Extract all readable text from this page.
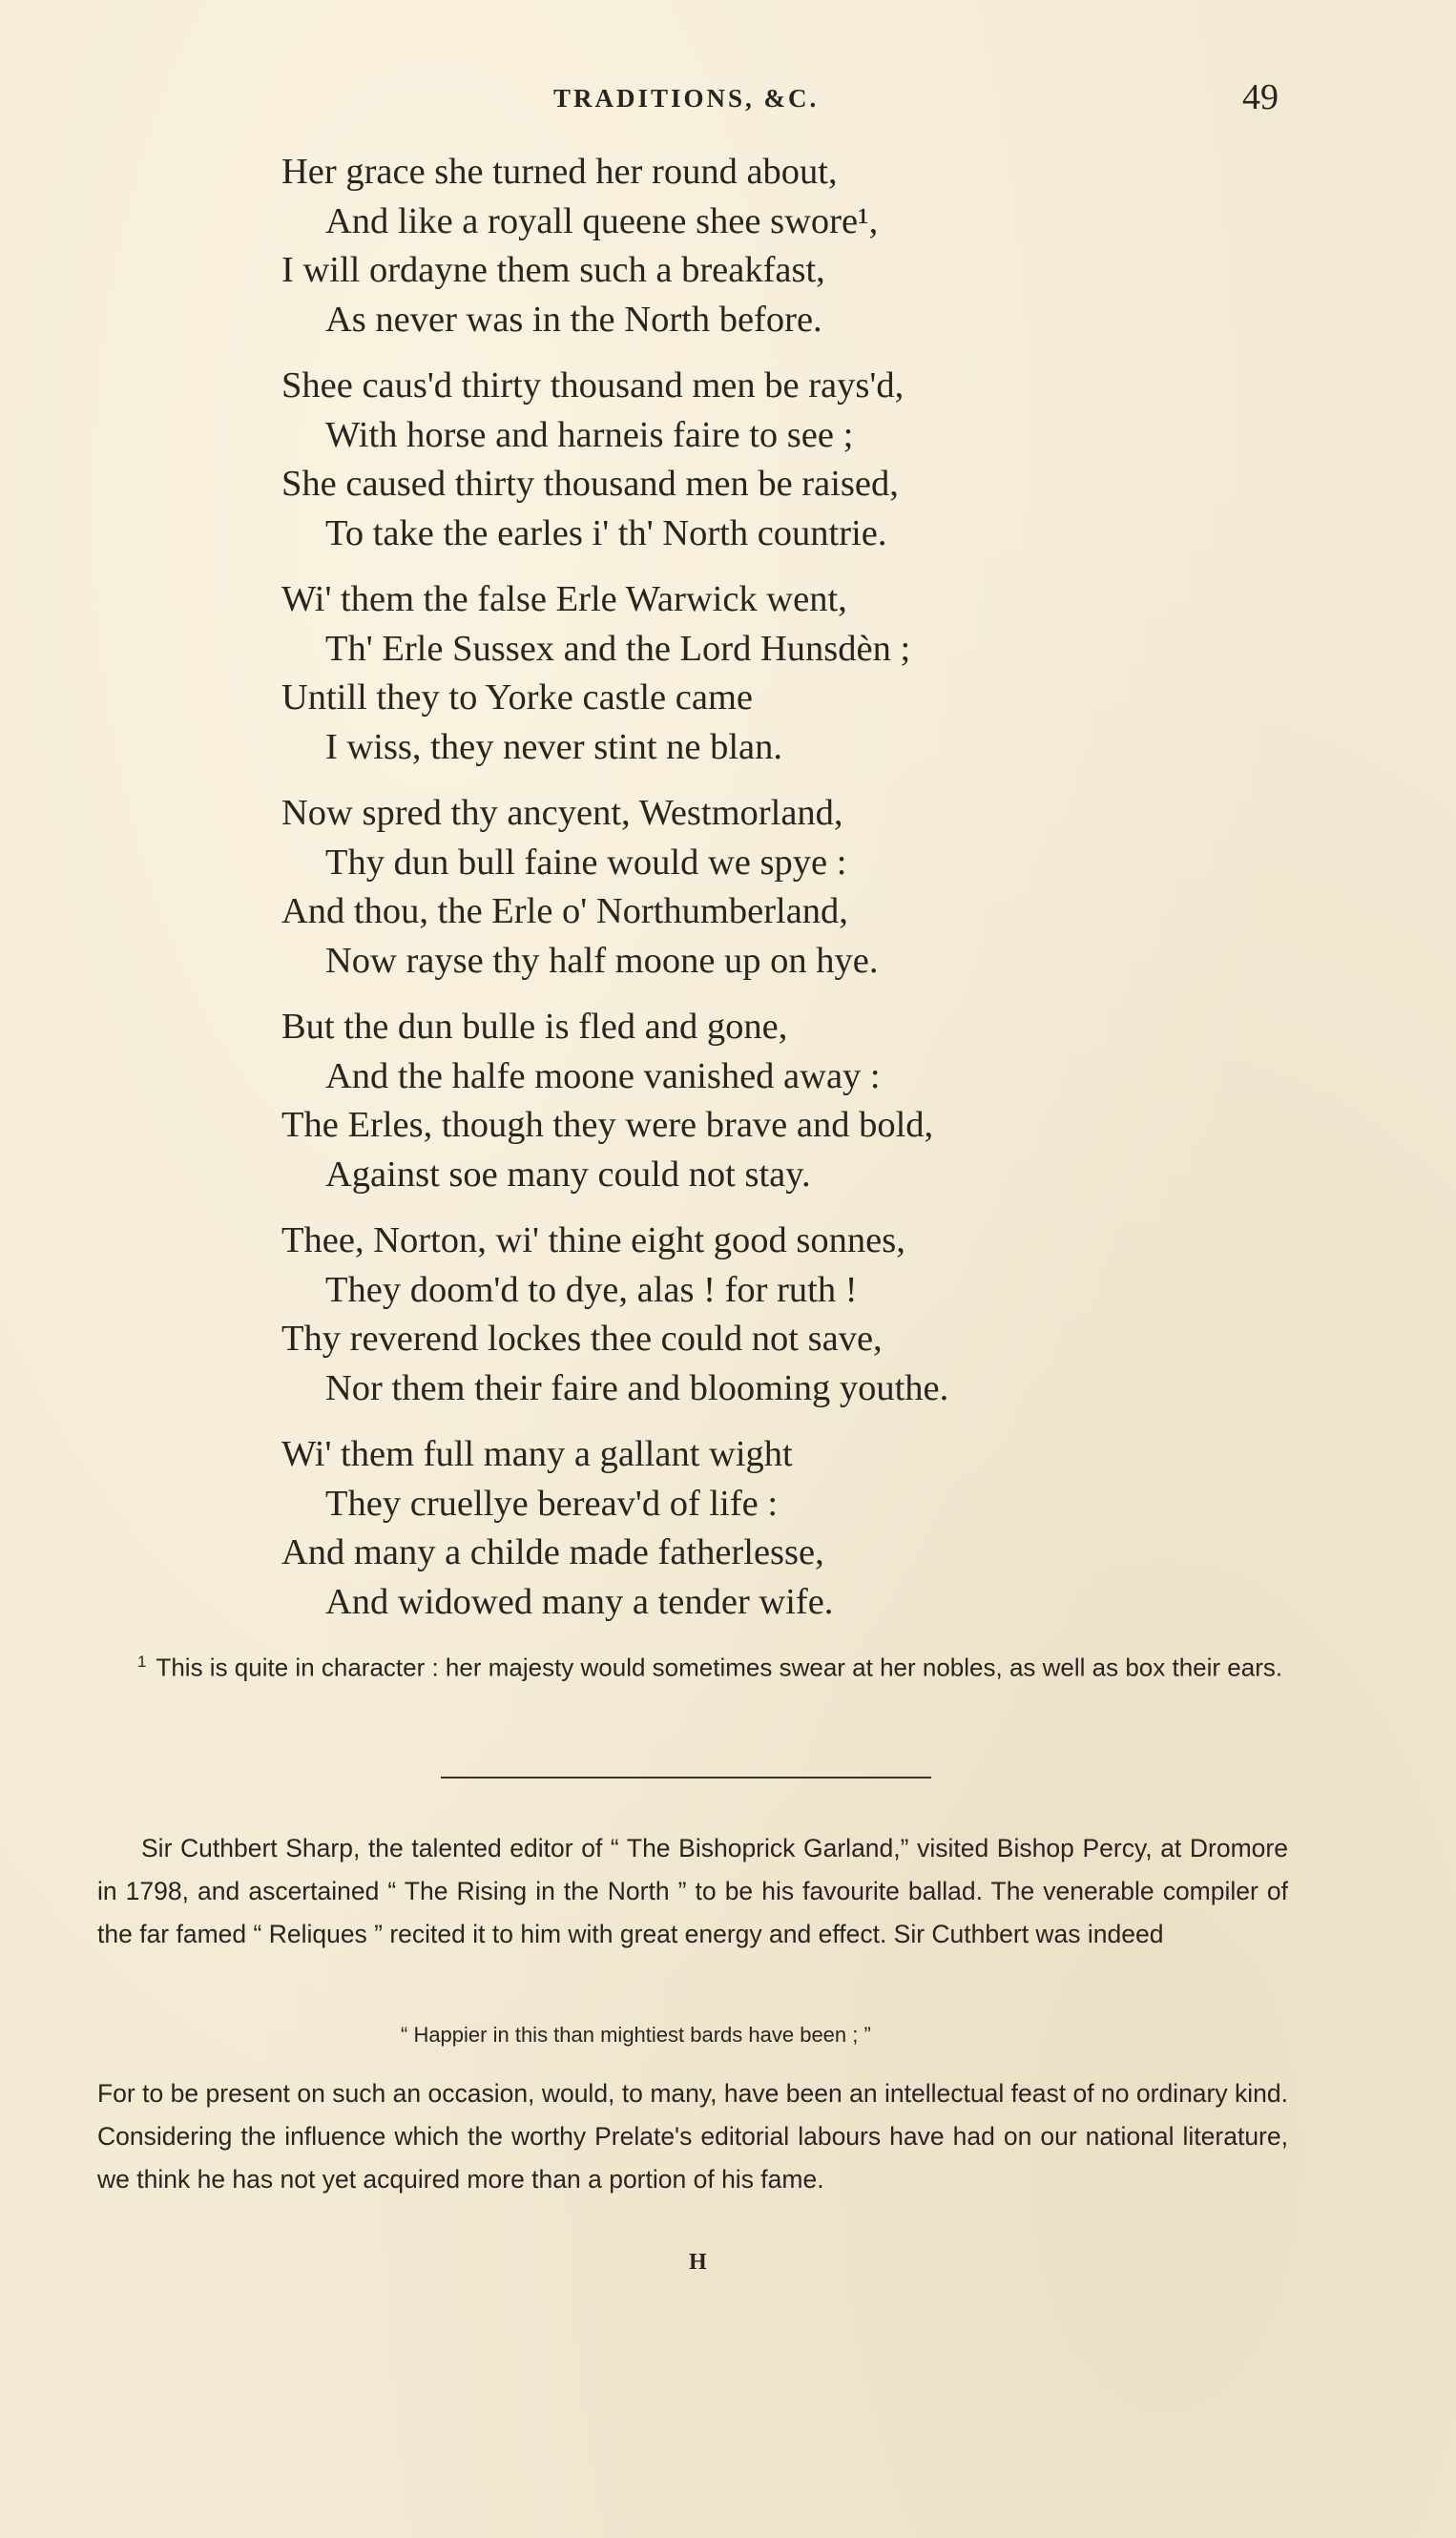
TRADITIONS, &C.	49
Her grace she turned her round about,
And like a royall queene shee swore¹,
I will ordayne them such a breakfast,
As never was in the North before.
Shee caus'd thirty thousand men be rays'd,
With horse and harneis faire to see ;
She caused thirty thousand men be raised,
To take the earles i' th' North countrie.
Wi' them the false Erle Warwick went,
Th' Erle Sussex and the Lord Hunsdèn ;
Untill they to Yorke castle came
I wiss, they never stint ne blan.
Now spred thy ancyent, Westmorland,
Thy dun bull faine would we spye :
And thou, the Erle o' Northumberland,
Now rayse thy half moone up on hye.
But the dun bulle is fled and gone,
And the halfe moone vanished away :
The Erles, though they were brave and bold,
Against soe many could not stay.
Thee, Norton, wi' thine eight good sonnes,
They doom'd to dye, alas ! for ruth !
Thy reverend lockes thee could not save,
Nor them their faire and blooming youthe.
Wi' them full many a gallant wight
They cruellye bereav'd of life :
And many a childe made fatherlesse,
And widowed many a tender wife.
$^1$ This is quite in character : her majesty would sometimes swear at her nobles, as well as box their ears.
Sir Cuthbert Sharp, the talented editor of “ The Bishoprick Garland,” visited Bishop Percy, at Dromore in 1798, and ascertained “ The Rising in the North ” to be his favourite ballad. The venerable compiler of the far famed “ Reliques ” recited it to him with great energy and effect. Sir Cuthbert was indeed
“ Happier in this than mightiest bards have been ; ”
For to be present on such an occasion, would, to many, have been an intellectual feast of no ordinary kind. Considering the influence which the worthy Prelate's editorial labours have had on our national literature, we think he has not yet acquired more than a portion of his fame.
H
